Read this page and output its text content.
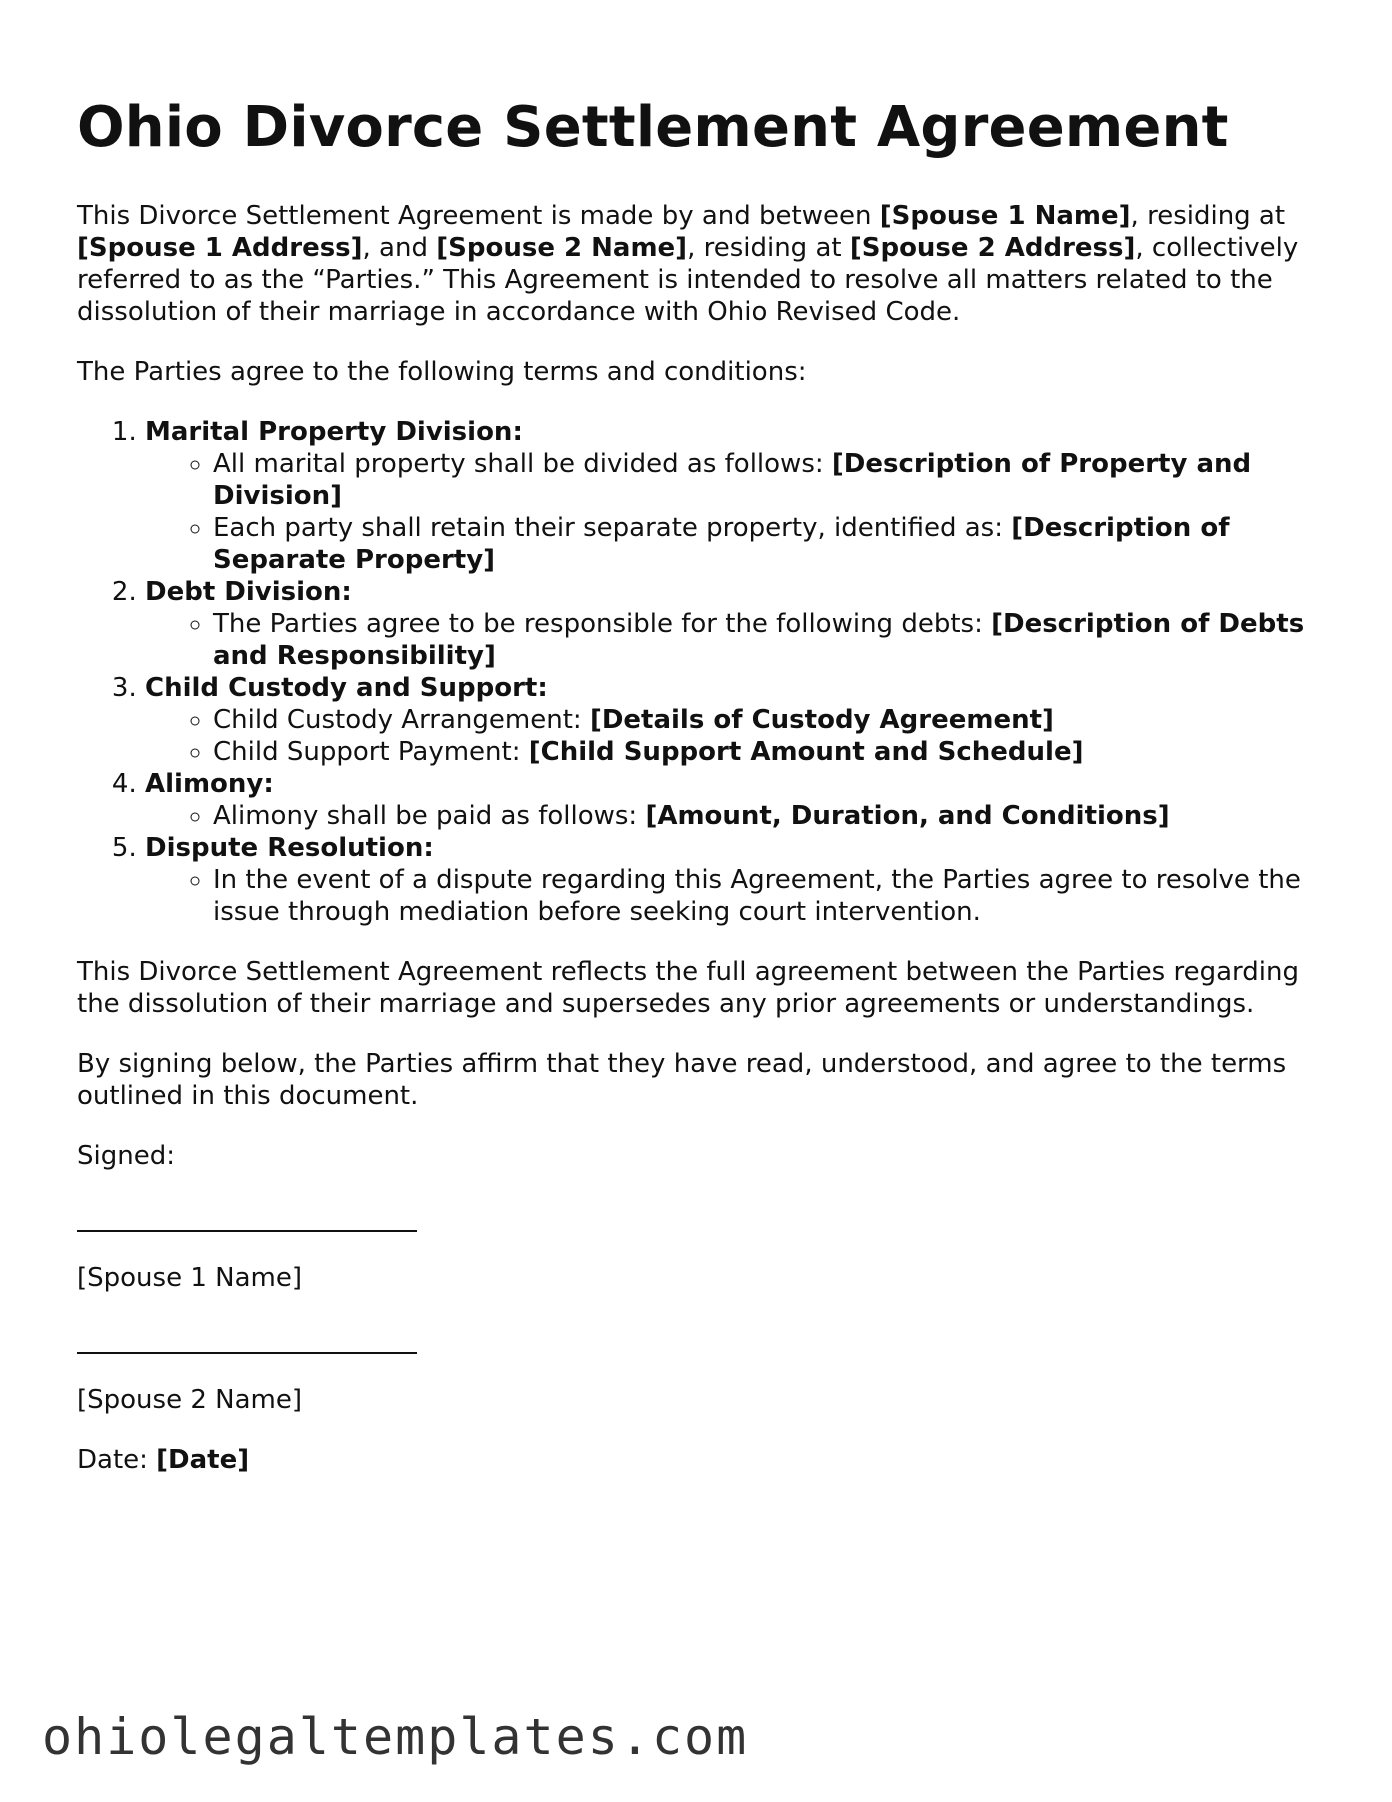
Ohio Divorce Settlement Agreement

This Divorce Settlement Agreement is made by and between [Spouse 1 Name], residing at [Spouse 1 Address], and [Spouse 2 Name], residing at [Spouse 2 Address], collectively referred to as the “Parties.” This Agreement is intended to resolve all matters related to the dissolution of their marriage in accordance with Ohio Revised Code.

The Parties agree to the following terms and conditions:

1. Marital Property Division:
◦ All marital property shall be divided as follows: [Description of Property and Division]
◦ Each party shall retain their separate property, identified as: [Description of Separate Property]
2. Debt Division:
◦ The Parties agree to be responsible for the following debts: [Description of Debts and Responsibility]
3. Child Custody and Support:
◦ Child Custody Arrangement: [Details of Custody Agreement]
◦ Child Support Payment: [Child Support Amount and Schedule]
4. Alimony:
◦ Alimony shall be paid as follows: [Amount, Duration, and Conditions]
5. Dispute Resolution:
◦ In the event of a dispute regarding this Agreement, the Parties agree to resolve the issue through mediation before seeking court intervention.

This Divorce Settlement Agreement reflects the full agreement between the Parties regarding the dissolution of their marriage and supersedes any prior agreements or understandings.

By signing below, the Parties affirm that they have read, understood, and agree to the terms outlined in this document.

Signed:

[Spouse 1 Name]

[Spouse 2 Name]

Date: [Date]

ohiolegaltemplates.com
